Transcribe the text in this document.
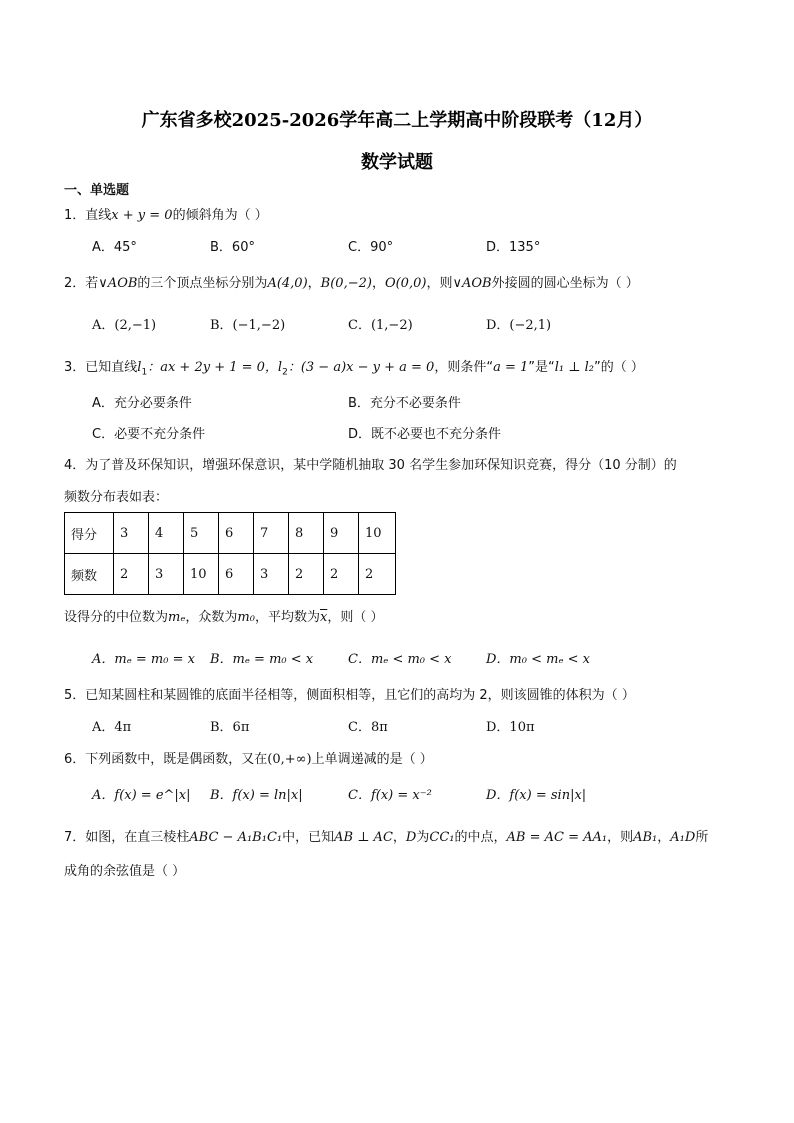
广东省多校2025-2026学年高二上学期高中阶段联考（12月）
数学试题
一、单选题
1．直线x + y = 0的倾斜角为（ ）
A．45°	B．60°	C．90°	D．135°
2．若∨AOB的三个顶点坐标分别为A(4,0)，B(0,−2)，O(0,0)，则∨AOB外接圆的圆心坐标为（ ）
A．(2,−1)	B．(−1,−2)	C．(1,−2)	D．(−2,1)
3．已知直线$l_1$：ax + 2y + 1 = 0，$l_2$：(3 − a)x − y + a = 0，则条件“a = 1”是“l₁ ⊥ l₂”的（ ）
A．充分必要条件	B．充分不必要条件
C．必要不充分条件	D．既不必要也不充分条件
4．为了普及环保知识，增强环保意识，某中学随机抽取 30 名学生参加环保知识竞赛，得分（10 分制）的
频数分布表如表：
得分	3	4	5	6	7	8	9	10
频数	2	3	10	6	3	2	2	2
设得分的中位数为mₑ，众数为m₀，平均数为$\overline{x}$，则（ ）
A．mₑ = m₀ = x B．mₑ = m₀ < x	C．mₑ < m₀ < x	D．m₀ < mₑ < x
5．已知某圆柱和某圆锥的底面半径相等，侧面积相等，且它们的高均为 2，则该圆锥的体积为（ ）
A．4π	B．6π	C．8π	D．10π
6．下列函数中，既是偶函数，又在(0,+∞)上单调递减的是（ ）
A．f(x) = e^|x| B．f(x) = ln|x|	C．f(x) = x⁻²	D．f(x) = sin|x|
7．如图，在直三棱柱ABC − A₁B₁C₁中，已知AB ⊥ AC，D为CC₁的中点，AB = AC = AA₁，则AB₁，A₁D所
成角的余弦值是（ ）
